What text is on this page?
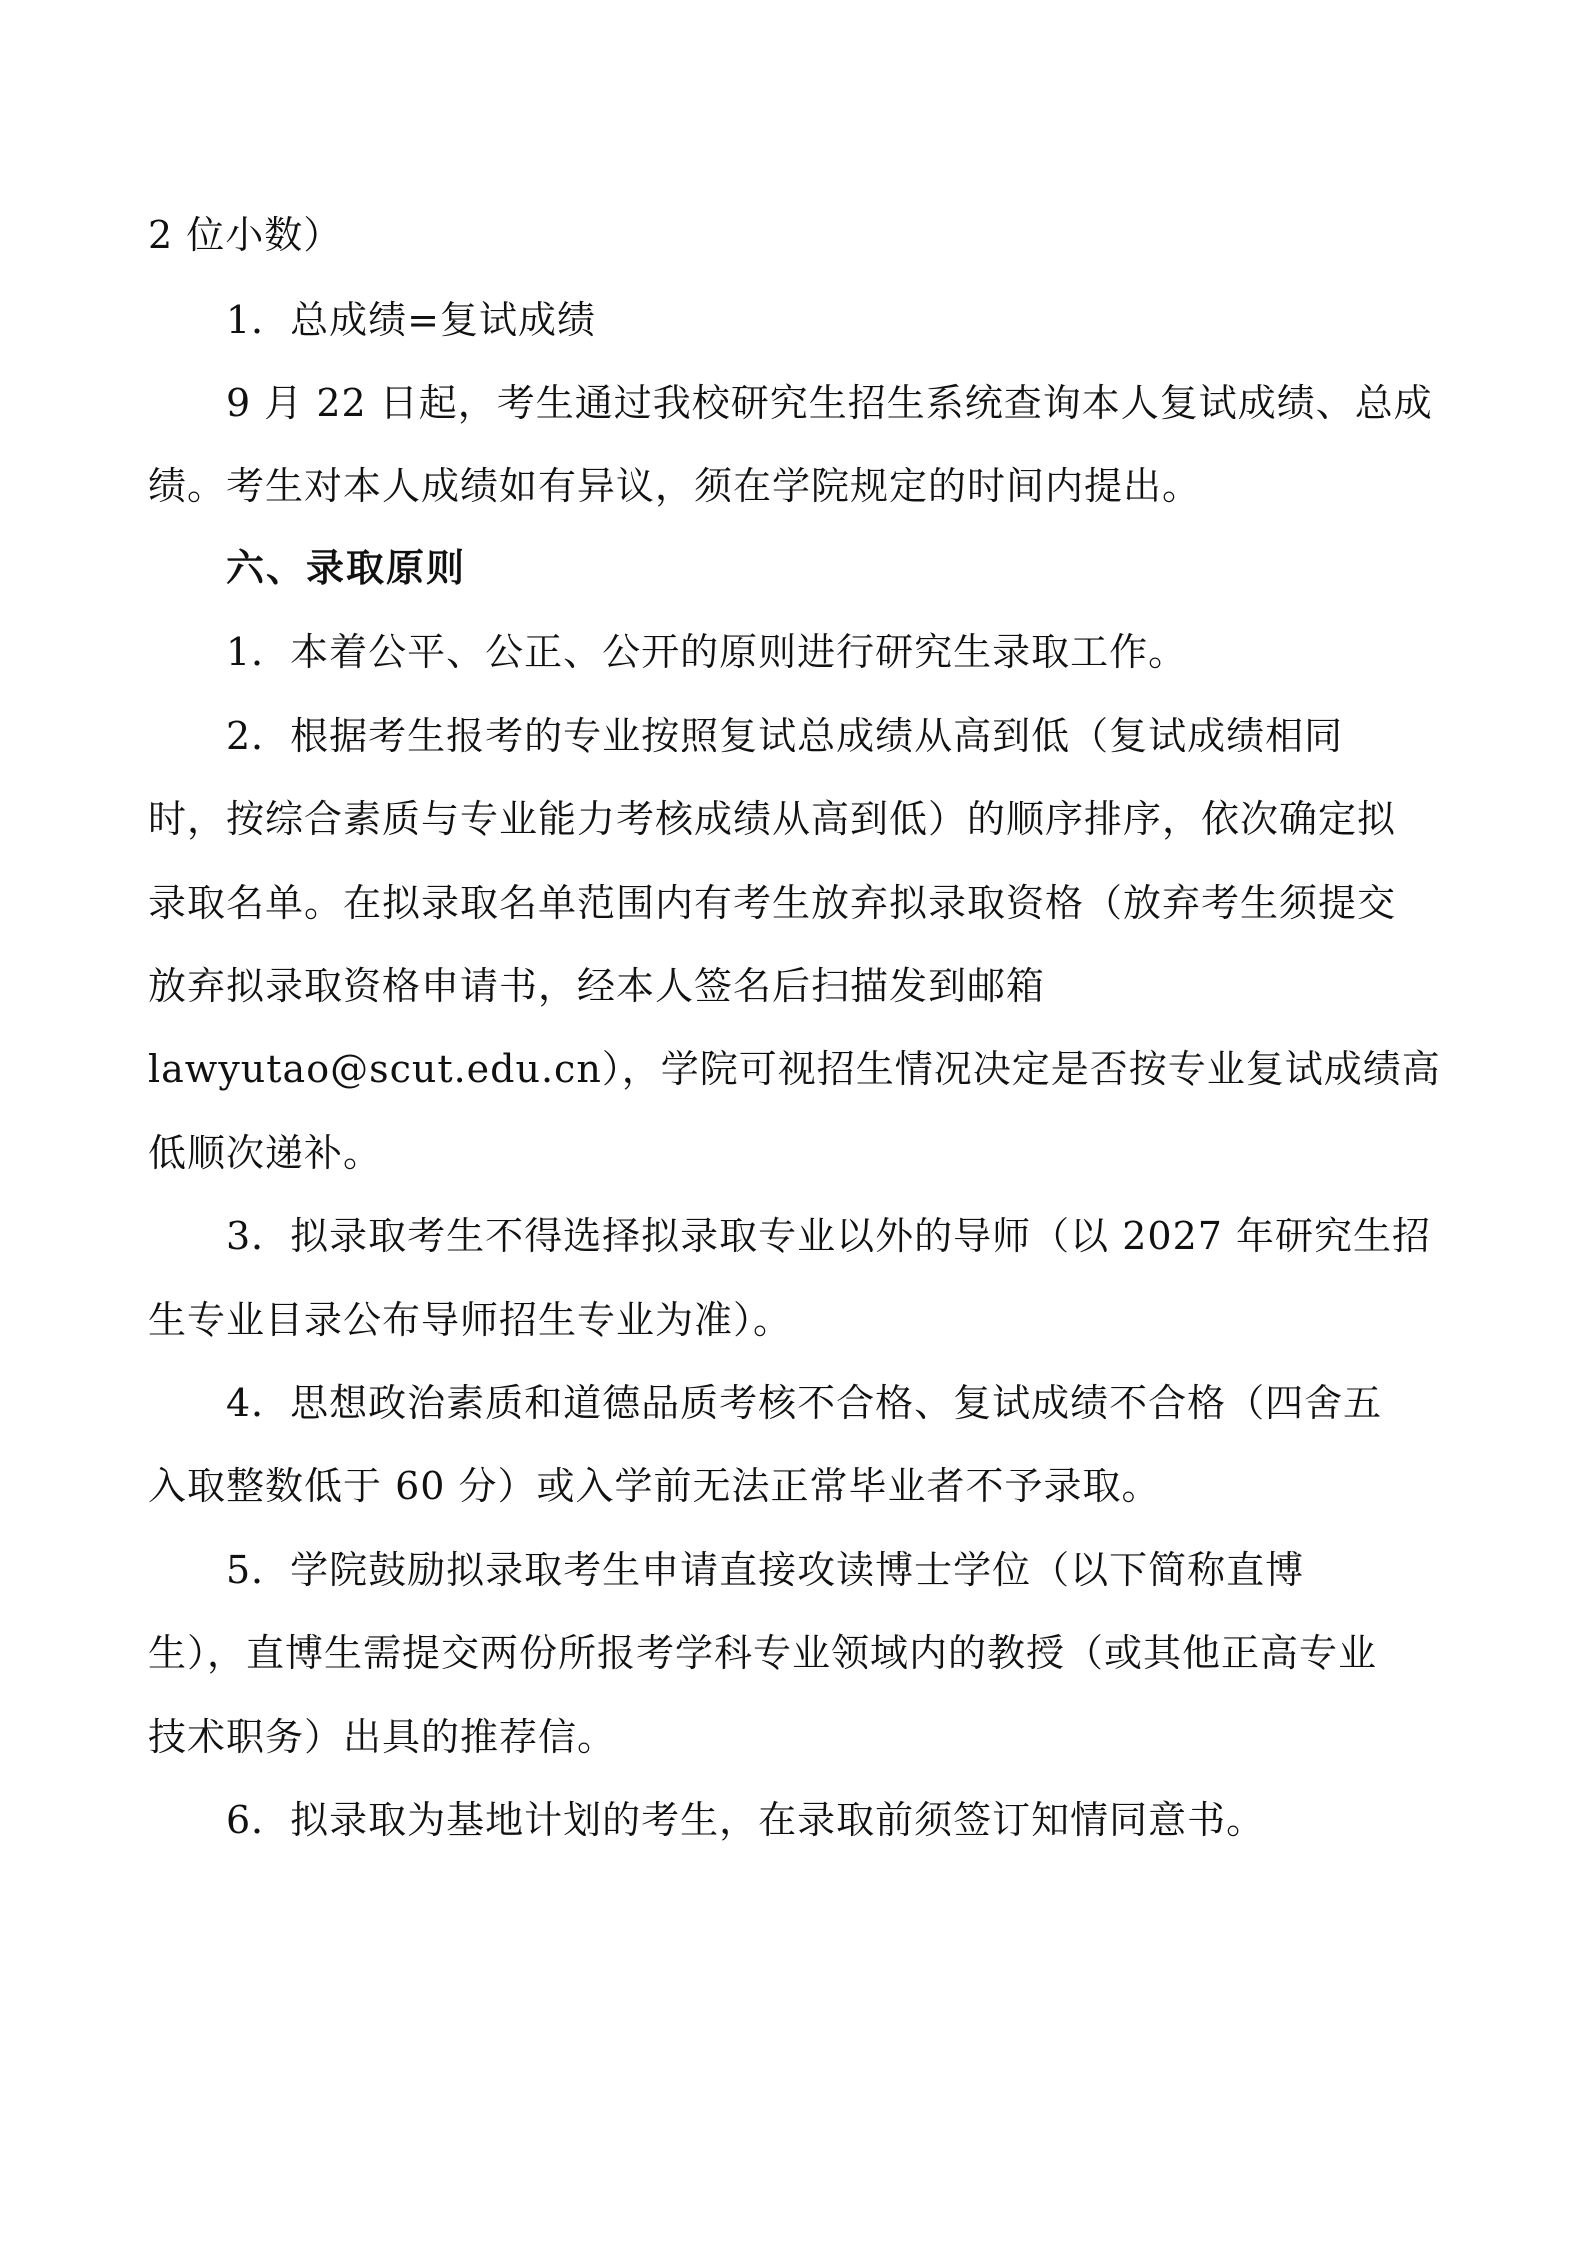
2 位小数）
1．总成绩=复试成绩
9 月 22 日起，考生通过我校研究生招生系统查询本人复试成绩、总成
绩。考生对本人成绩如有异议，须在学院规定的时间内提出。
六、录取原则
1．本着公平、公正、公开的原则进行研究生录取工作。
2．根据考生报考的专业按照复试总成绩从高到低（复试成绩相同
时，按综合素质与专业能力考核成绩从高到低）的顺序排序，依次确定拟
录取名单。在拟录取名单范围内有考生放弃拟录取资格（放弃考生须提交
放弃拟录取资格申请书，经本人签名后扫描发到邮箱
lawyutao@scut.edu.cn），学院可视招生情况决定是否按专业复试成绩高
低顺次递补。
3．拟录取考生不得选择拟录取专业以外的导师（以 2027 年研究生招
生专业目录公布导师招生专业为准）。
4．思想政治素质和道德品质考核不合格、复试成绩不合格（四舍五
入取整数低于 60 分）或入学前无法正常毕业者不予录取。
5．学院鼓励拟录取考生申请直接攻读博士学位（以下简称直博
生），直博生需提交两份所报考学科专业领域内的教授（或其他正高专业
技术职务）出具的推荐信。
6．拟录取为基地计划的考生，在录取前须签订知情同意书。
